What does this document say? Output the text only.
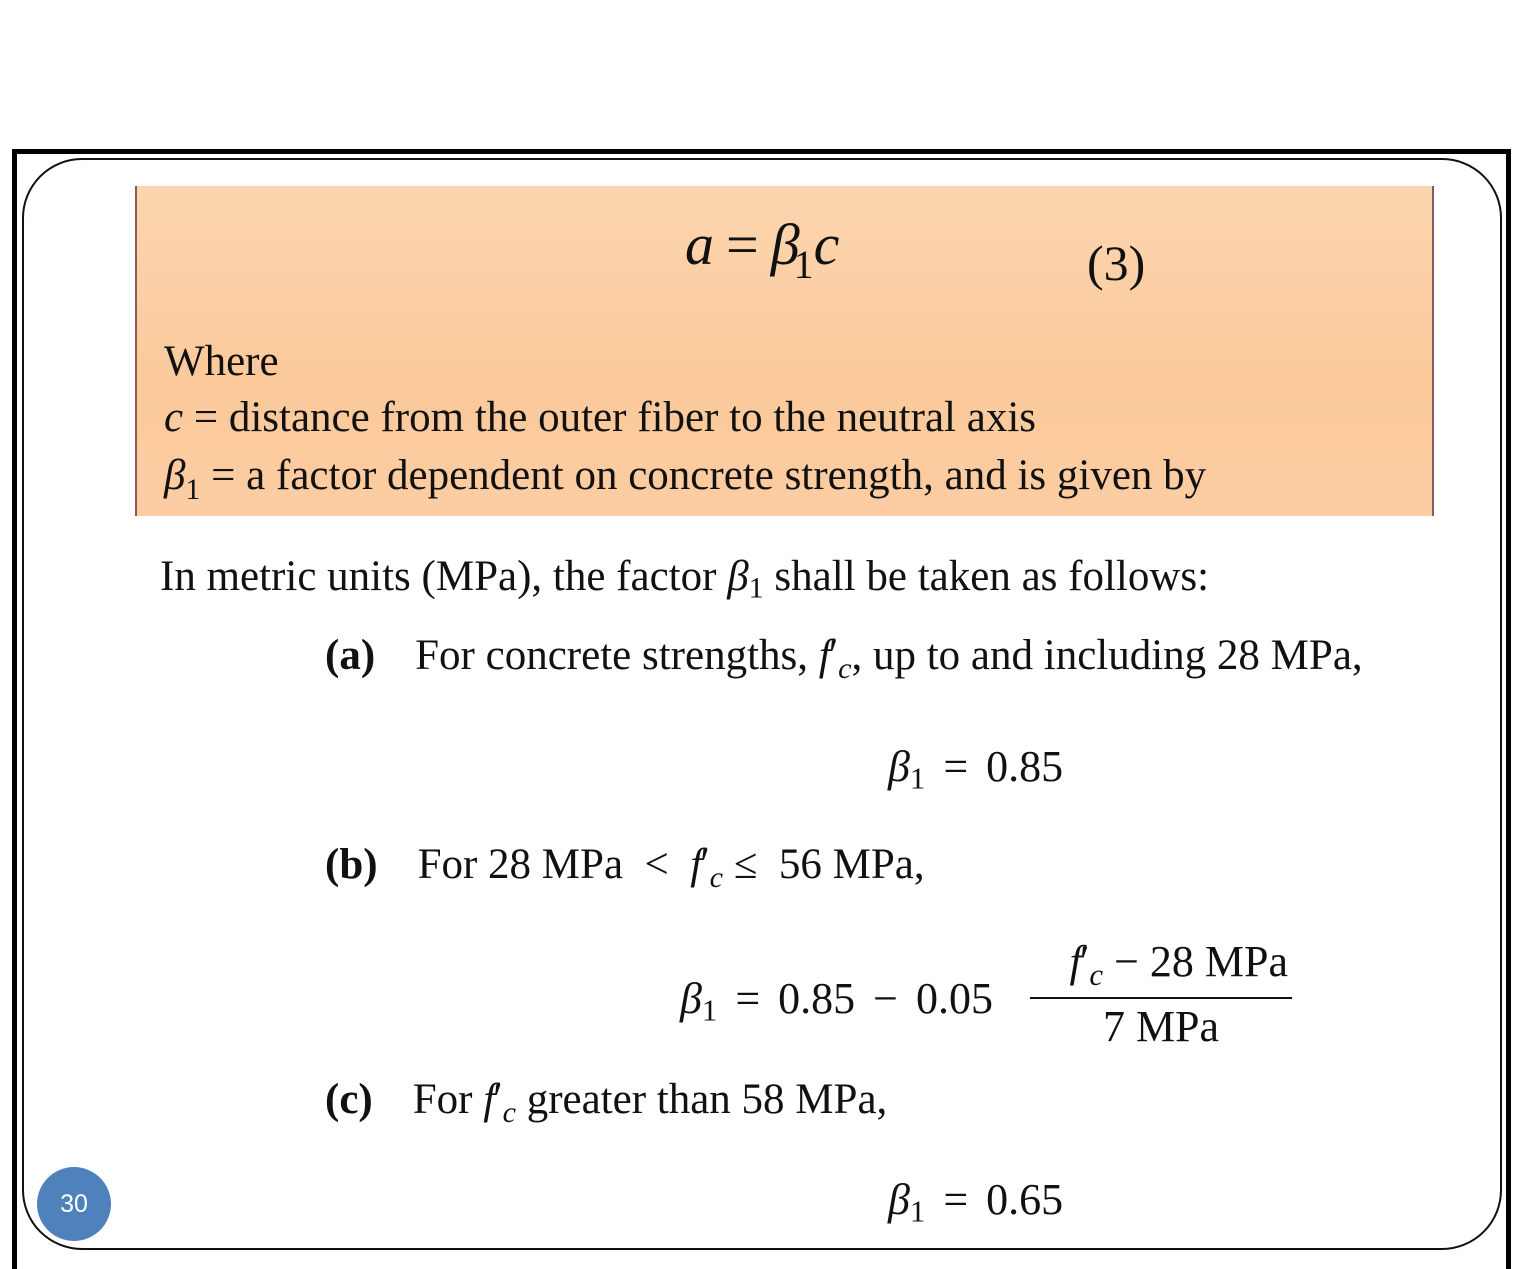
$a = \beta_1c$	(3)
Where
c = distance from the outer fiber to the neutral axis
$\beta_1 = a$ factor dependent on concrete strength, and is given by
In metric units (MPa), the factor $\beta_1$ shall be taken as follows:
(a) For concrete strengths, $f'_c$, up to and including 28 MPa,
$\beta_1 = 0.85$
(b) For 28 MPa  <  $f'_c \le 56$ MPa,
$\beta_1 = 0.85 - 0.05$
$f'_c - 28$ MPa
7 MPa
(c) For $f'_c$ greater than 58 MPa,
$\beta_1 = 0.65$
30
